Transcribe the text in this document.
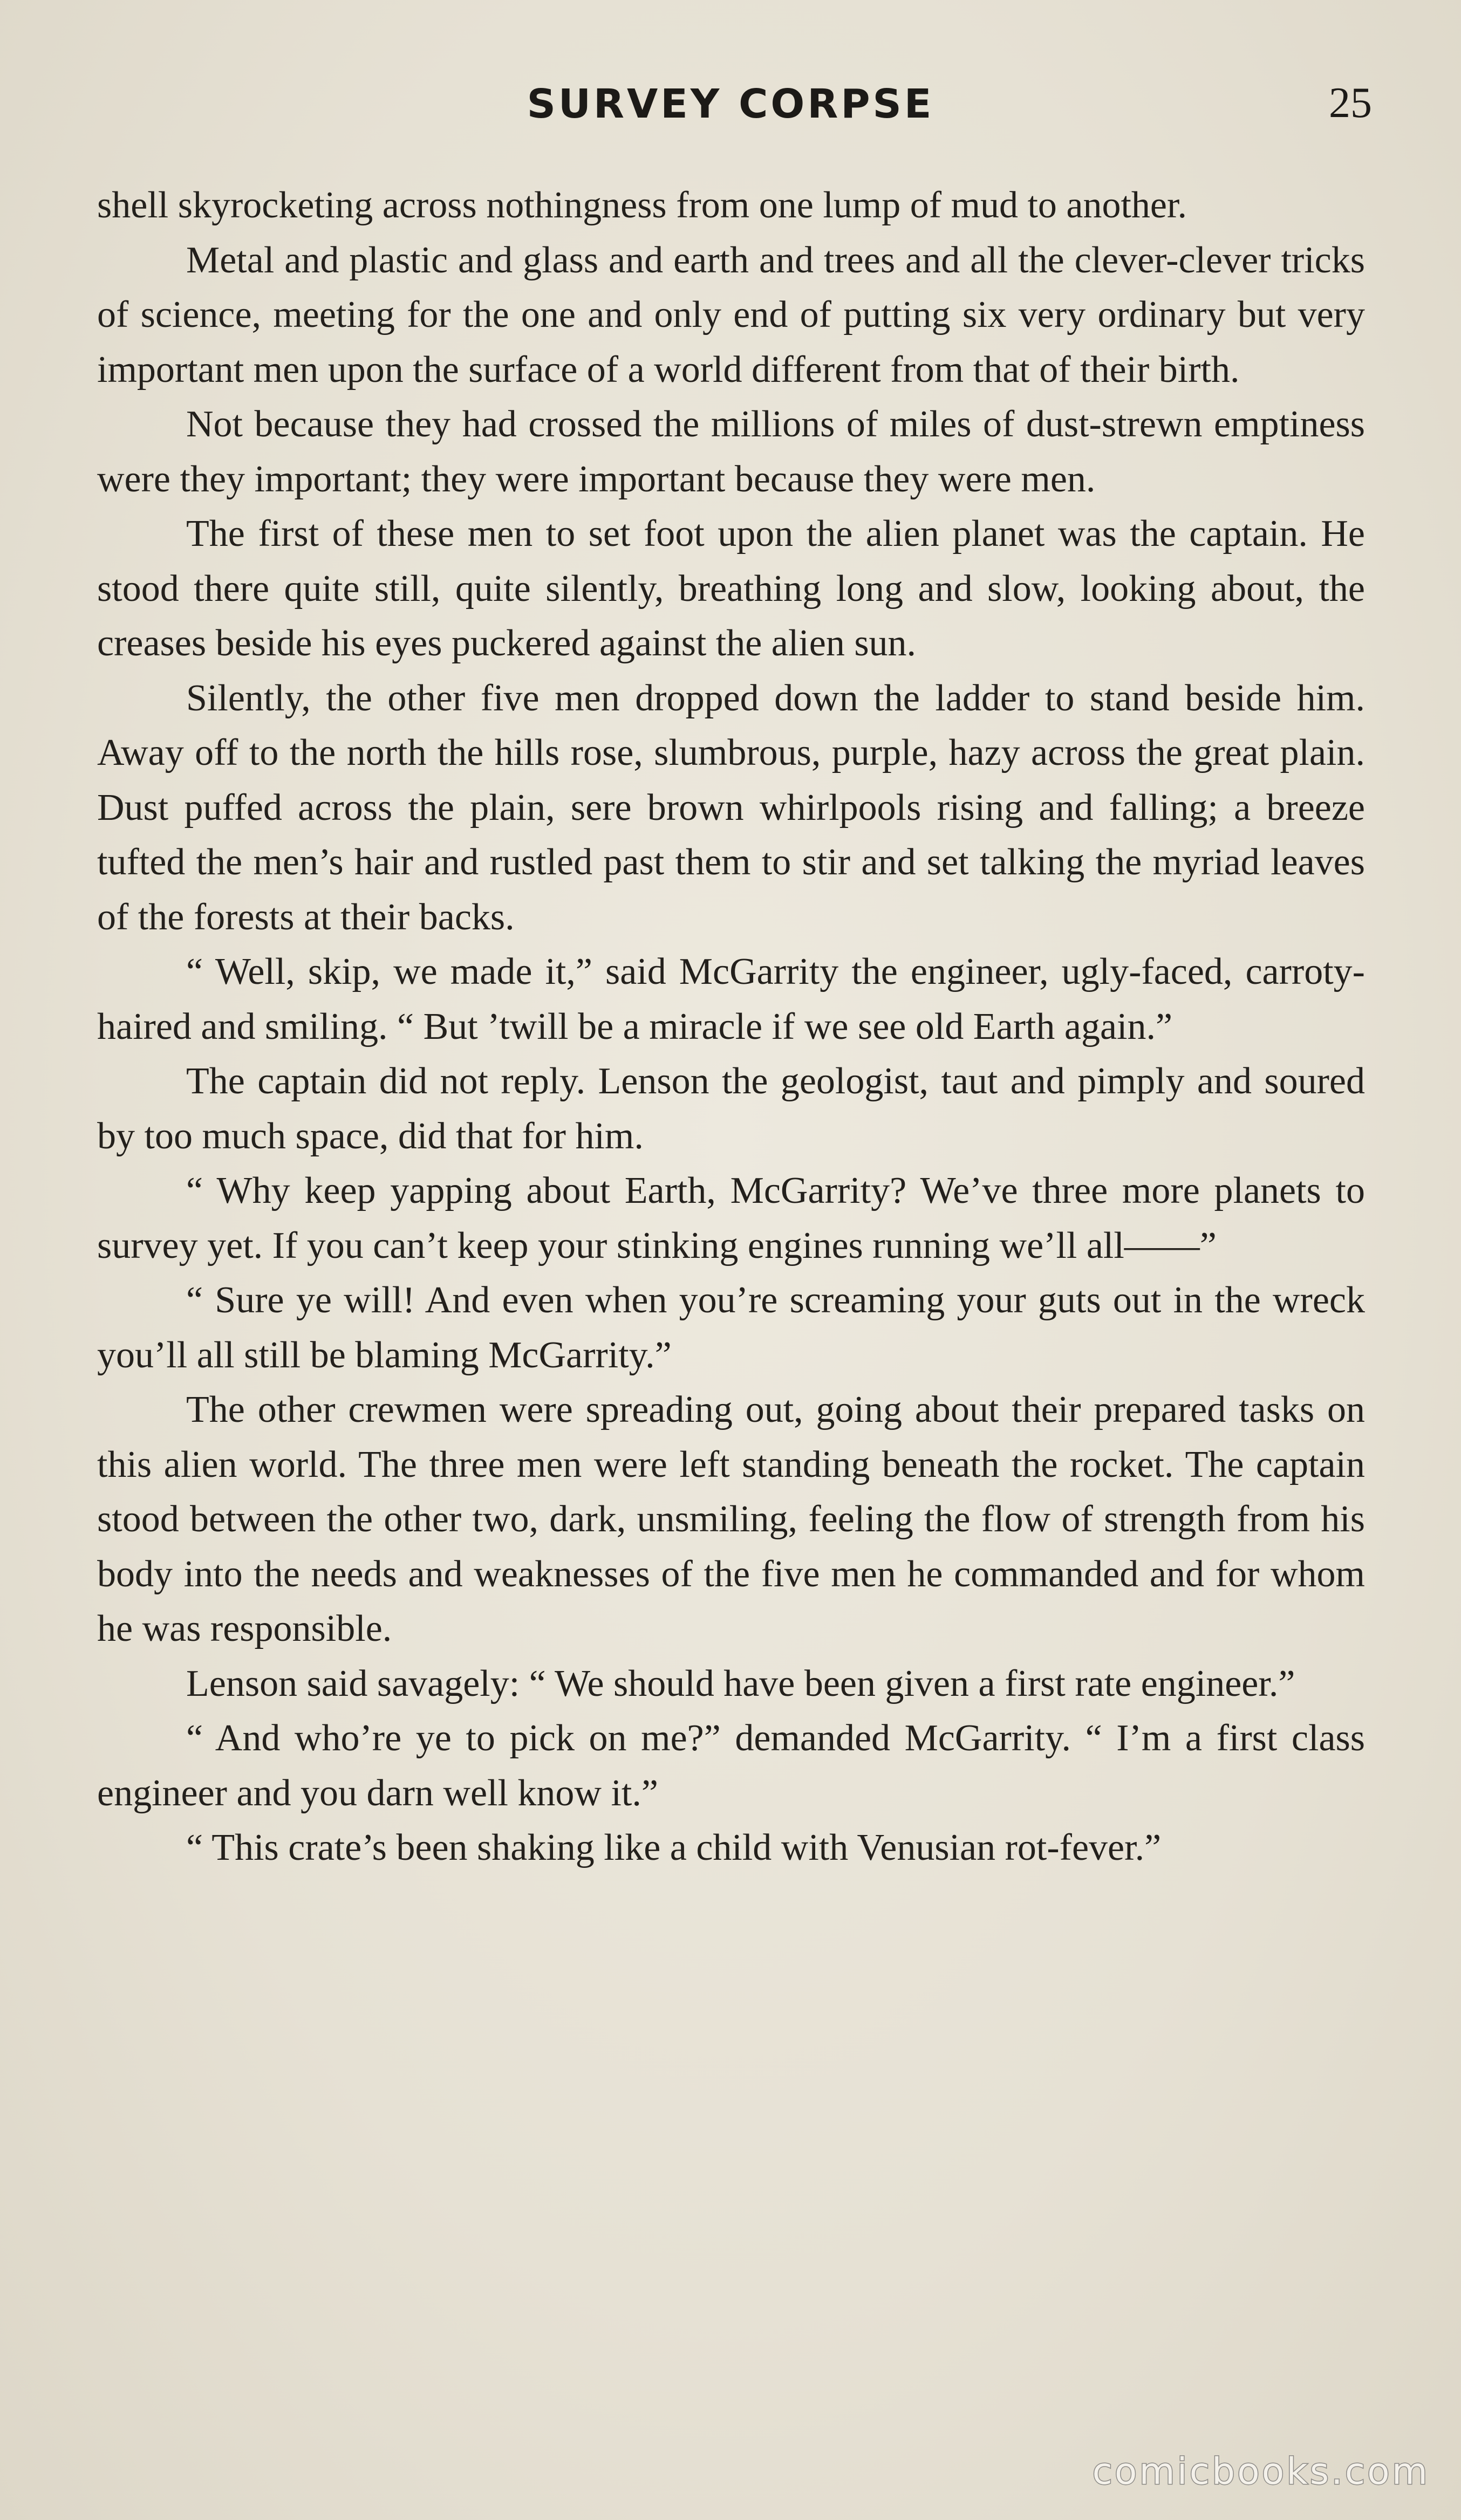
SURVEY CORPSE	25

shell skyrocketing across nothingness from one lump of mud to another.

Metal and plastic and glass and earth and trees and all the clever-clever tricks of science, meeting for the one and only end of putting six very ordinary but very important men upon the surface of a world different from that of their birth.

Not because they had crossed the millions of miles of dust-strewn emptiness were they important; they were important because they were men.

The first of these men to set foot upon the alien planet was the captain. He stood there quite still, quite silently, breathing long and slow, looking about, the creases beside his eyes puckered against the alien sun.

Silently, the other five men dropped down the ladder to stand beside him. Away off to the north the hills rose, slumbrous, purple, hazy across the great plain. Dust puffed across the plain, sere brown whirlpools rising and falling; a breeze tufted the men’s hair and rustled past them to stir and set talking the myriad leaves of the forests at their backs.

“ Well, skip, we made it,” said McGarrity the engineer, ugly-faced, carroty-haired and smiling. “ But ’twill be a miracle if we see old Earth again.”

The captain did not reply. Lenson the geologist, taut and pimply and soured by too much space, did that for him.

“ Why keep yapping about Earth, McGarrity? We’ve three more planets to survey yet. If you can’t keep your stinking engines running we’ll all——”

“ Sure ye will! And even when you’re screaming your guts out in the wreck you’ll all still be blaming McGarrity.”

The other crewmen were spreading out, going about their prepared tasks on this alien world. The three men were left standing beneath the rocket. The captain stood between the other two, dark, unsmiling, feeling the flow of strength from his body into the needs and weaknesses of the five men he commanded and for whom he was responsible.

Lenson said savagely: “ We should have been given a first rate engineer.”

“ And who’re ye to pick on me?” demanded McGarrity. “ I’m a first class engineer and you darn well know it.”

“ This crate’s been shaking like a child with Venusian rot-fever.”

comicbooks.com
